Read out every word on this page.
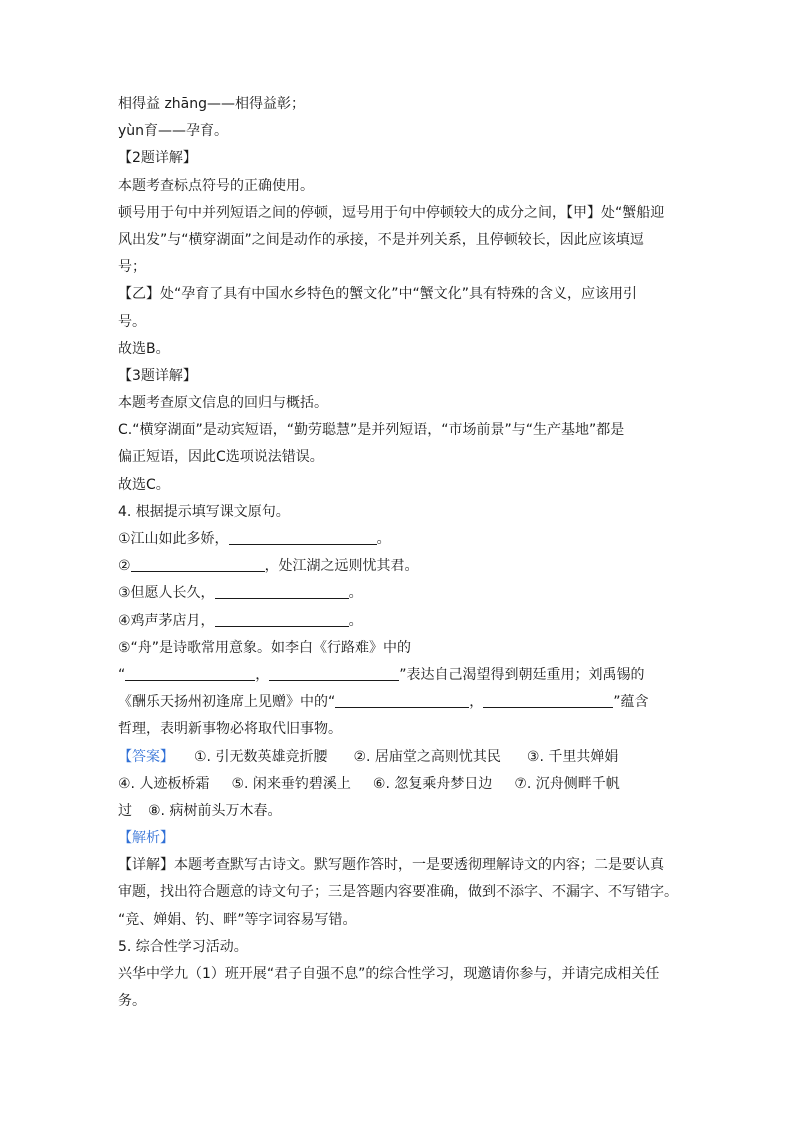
相得益 zhāng——相得益彰；
yùn育——孕育。
【2题详解】
本题考查标点符号的正确使用。
顿号用于句中并列短语之间的停顿，逗号用于句中停顿较大的成分之间，【甲】处“蟹船迎
风出发”与“横穿湖面”之间是动作的承接，不是并列关系，且停顿较长，因此应该填逗
号；
【乙】处“孕育了具有中国水乡特色的蟹文化”中“蟹文化”具有特殊的含义，应该用引
号。
故选B。
【3题详解】
本题考查原文信息的回归与概括。
C.“横穿湖面”是动宾短语，“勤劳聪慧”是并列短语，“市场前景”与“生产基地”都是
偏正短语，因此C选项说法错误。
故选C。
4. 根据提示填写课文原句。
①江山如此多娇，	。
②	，处江湖之远则忧其君。
③但愿人长久，	。
④鸡声茅店月，	。
⑤“舟”是诗歌常用意象。如李白《行路难》中的
“	，	”表达自己渴望得到朝廷重用；刘禹锡的
《酬乐天扬州初逢席上见赠》中的“	，	”蕴含
哲理，表明新事物必将取代旧事物。
【答案】 ①. 引无数英雄竞折腰 ②. 居庙堂之高则忧其民 ③. 千里共婵娟
④. 人迹板桥霜 ⑤. 闲来垂钓碧溪上 ⑥. 忽复乘舟梦日边 ⑦. 沉舟侧畔千帆
过 ⑧. 病树前头万木春。
【解析】
【详解】本题考查默写古诗文。默写题作答时，一是要透彻理解诗文的内容；二是要认真
审题，找出符合题意的诗文句子；三是答题内容要准确，做到不添字、不漏字、不写错字。
“竞、婵娟、钓、畔”等字词容易写错。
5. 综合性学习活动。
兴华中学九（1）班开展“君子自强不息”的综合性学习，现邀请你参与，并请完成相关任
务。
